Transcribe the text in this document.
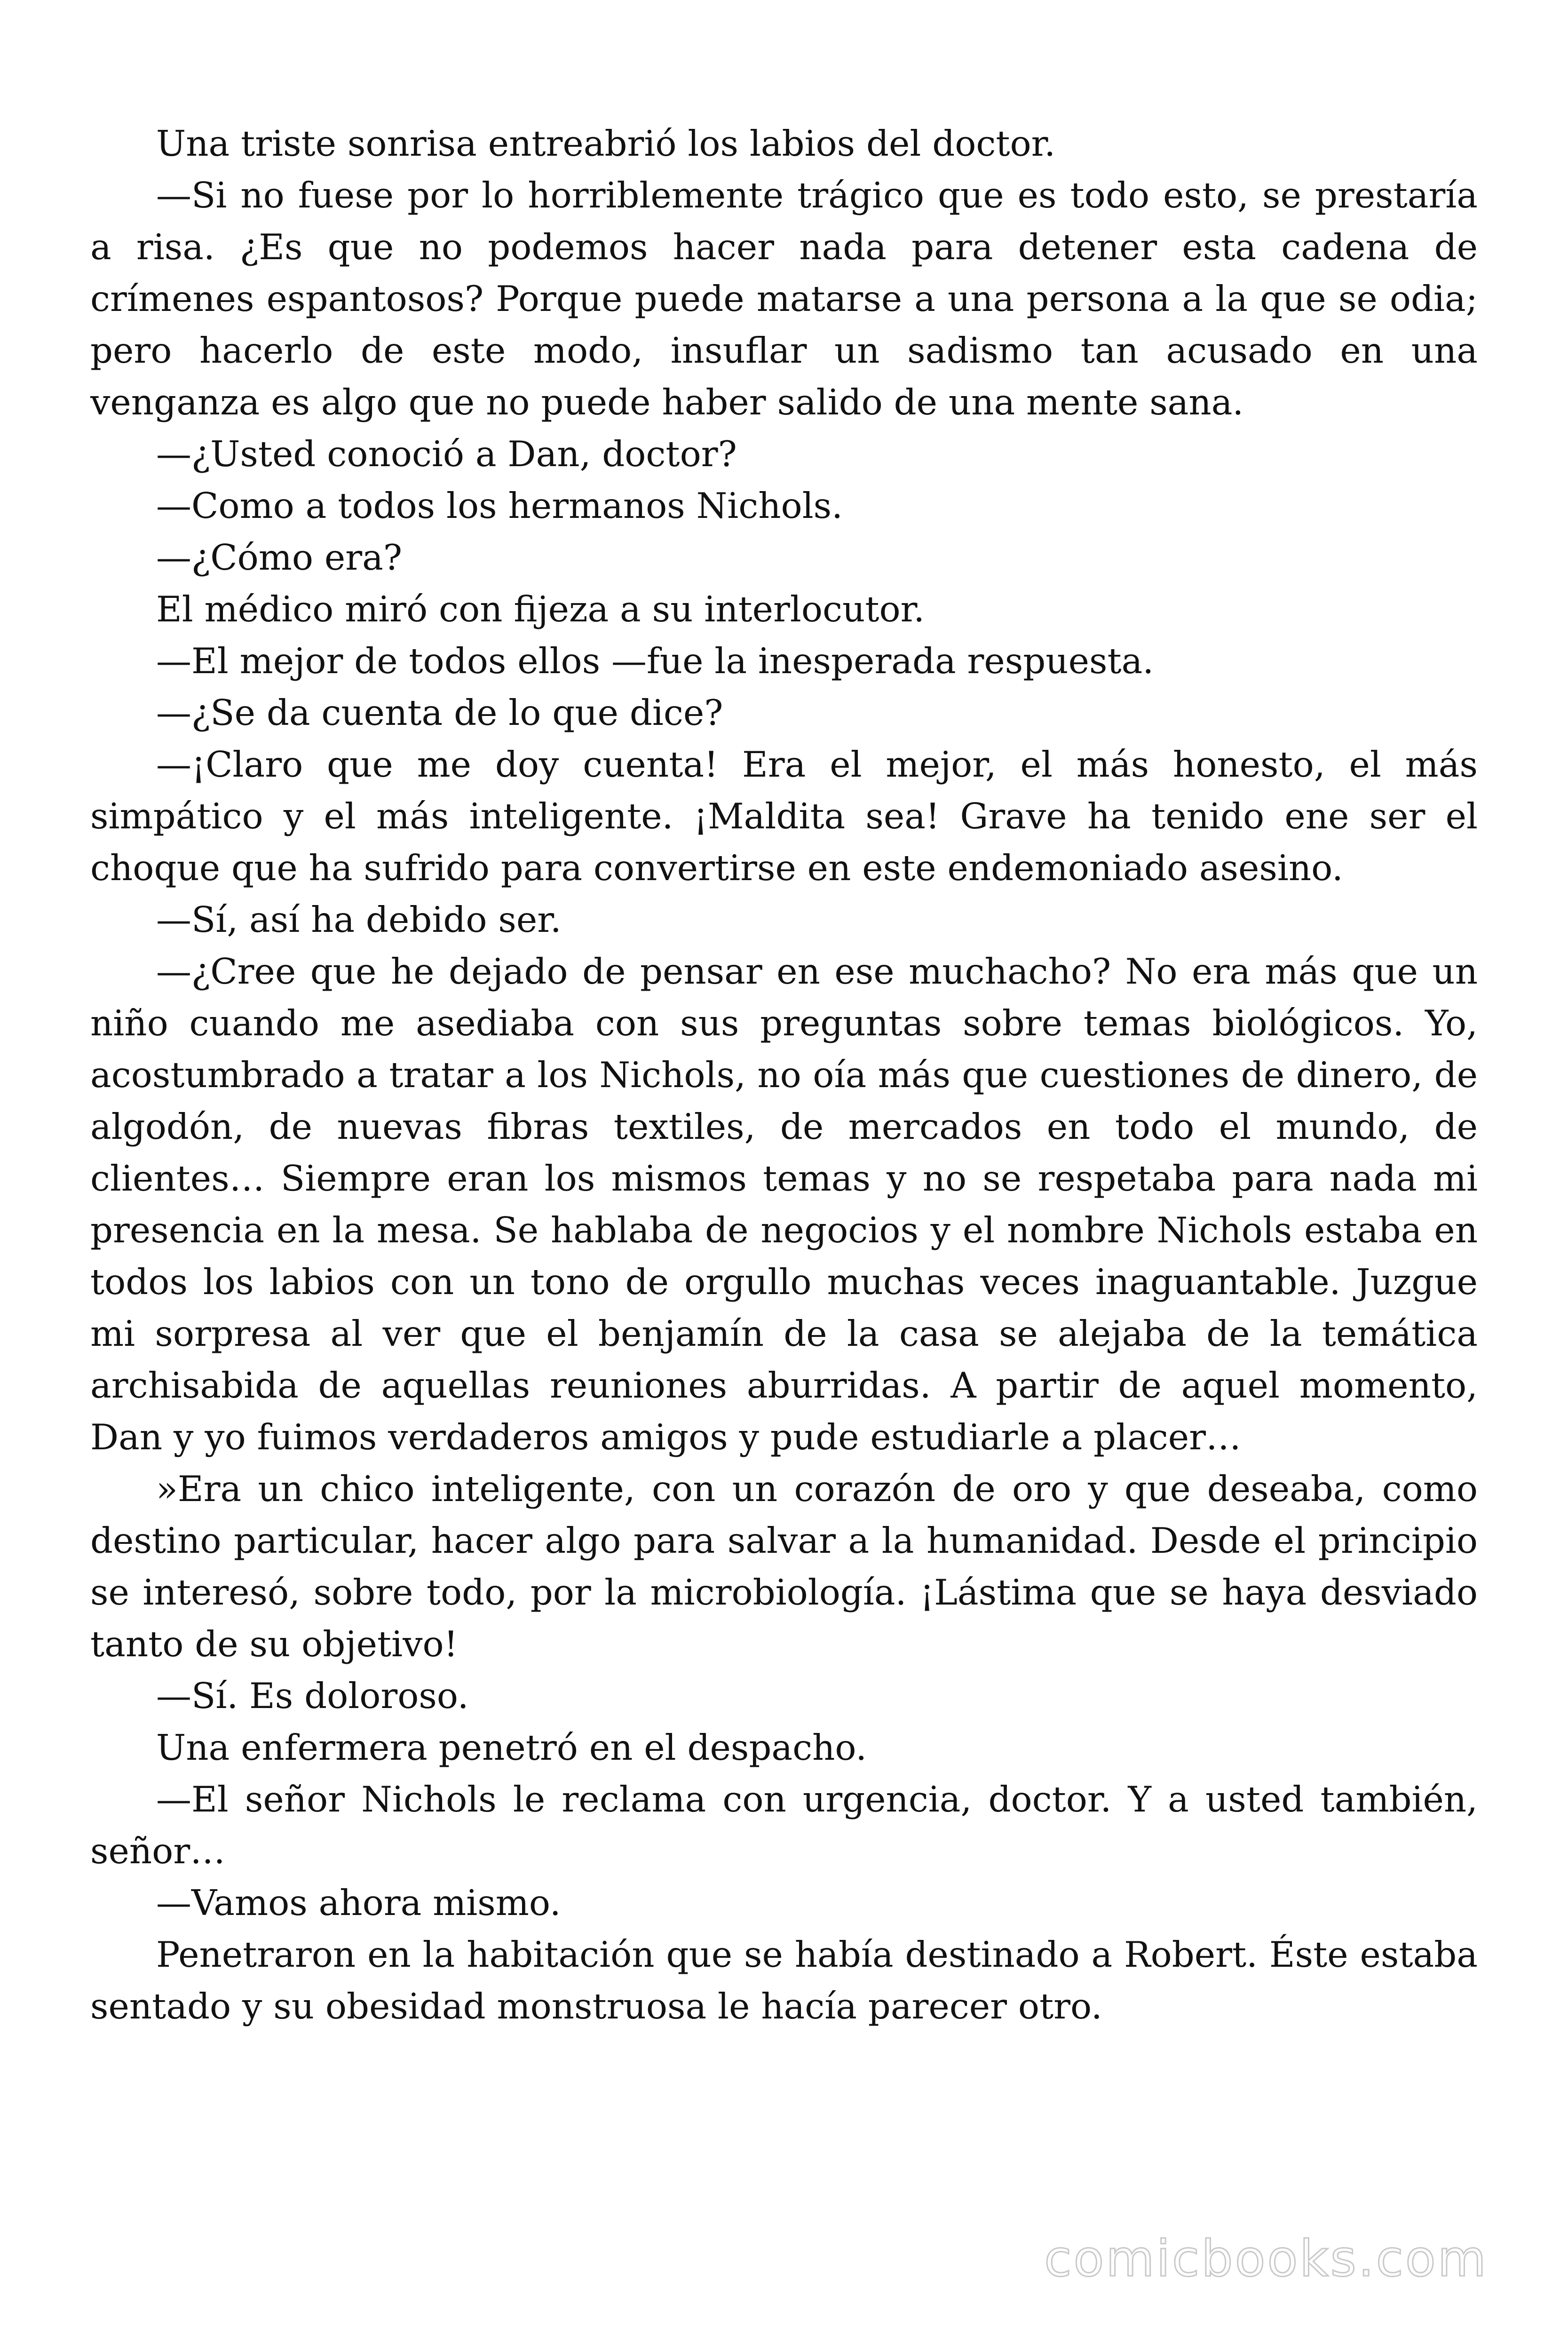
Una triste sonrisa entreabrió los labios del doctor.

—Si no fuese por lo horriblemente trágico que es todo esto, se prestaría a risa. ¿Es que no podemos hacer nada para detener esta cadena de crímenes espantosos? Porque puede matarse a una persona a la que se odia; pero hacerlo de este modo, insuflar un sadismo tan acusado en una venganza es algo que no puede haber salido de una mente sana.

—¿Usted conoció a Dan, doctor?

—Como a todos los hermanos Nichols.

—¿Cómo era?

El médico miró con fijeza a su interlocutor.

—El mejor de todos ellos —fue la inesperada respuesta.

—¿Se da cuenta de lo que dice?

—¡Claro que me doy cuenta! Era el mejor, el más honesto, el más simpático y el más inteligente. ¡Maldita sea! Grave ha tenido ene ser el choque que ha sufrido para convertirse en este endemoniado asesino.

—Sí, así ha debido ser.

—¿Cree que he dejado de pensar en ese muchacho? No era más que un niño cuando me asediaba con sus preguntas sobre temas biológicos. Yo, acostumbrado a tratar a los Nichols, no oía más que cuestiones de dinero, de algodón, de nuevas fibras textiles, de mercados en todo el mundo, de clientes… Siempre eran los mismos temas y no se respetaba para nada mi presencia en la mesa. Se hablaba de negocios y el nombre Nichols estaba en todos los labios con un tono de orgullo muchas veces inaguantable. Juzgue mi sorpresa al ver que el benjamín de la casa se alejaba de la temática archisabida de aquellas reuniones aburridas. A partir de aquel momento, Dan y yo fuimos verdaderos amigos y pude estudiarle a placer…

»Era un chico inteligente, con un corazón de oro y que deseaba, como destino particular, hacer algo para salvar a la humanidad. Desde el principio se interesó, sobre todo, por la microbiología. ¡Lástima que se haya desviado tanto de su objetivo!

—Sí. Es doloroso.

Una enfermera penetró en el despacho.

—El señor Nichols le reclama con urgencia, doctor. Y a usted también, señor…

—Vamos ahora mismo.

Penetraron en la habitación que se había destinado a Robert. Éste estaba sentado y su obesidad monstruosa le hacía parecer otro.

comicbooks.com
